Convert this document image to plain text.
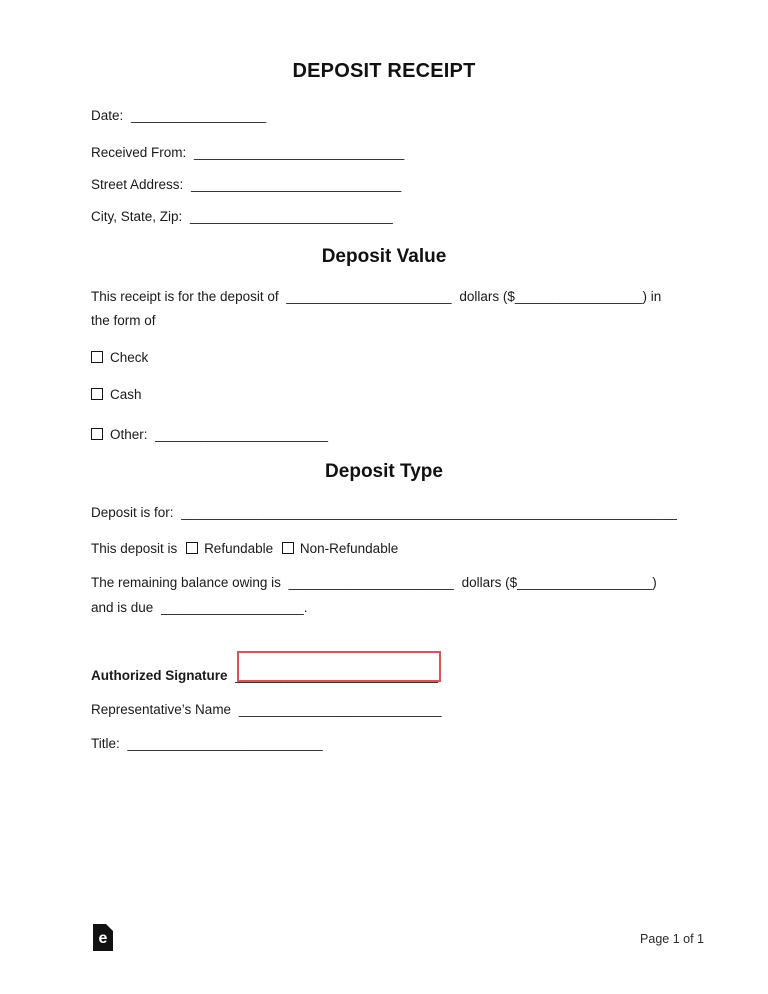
DEPOSIT RECEIPT
Date: __________________
Received From: ____________________________
Street Address: ____________________________
City, State, Zip: ___________________________
Deposit Value
This receipt is for the deposit of ______________________ dollars ($_________________) in
the form of
Check
Cash
Other: _______________________
Deposit Type
Deposit is for: __________________________________________________________________
This deposit is Refundable Non-Refundable
The remaining balance owing is ______________________ dollars ($__________________)
and is due ___________________.
Authorized Signature ___________________________
Representative’s Name ___________________________
Title: __________________________
e	Page 1 of 1
